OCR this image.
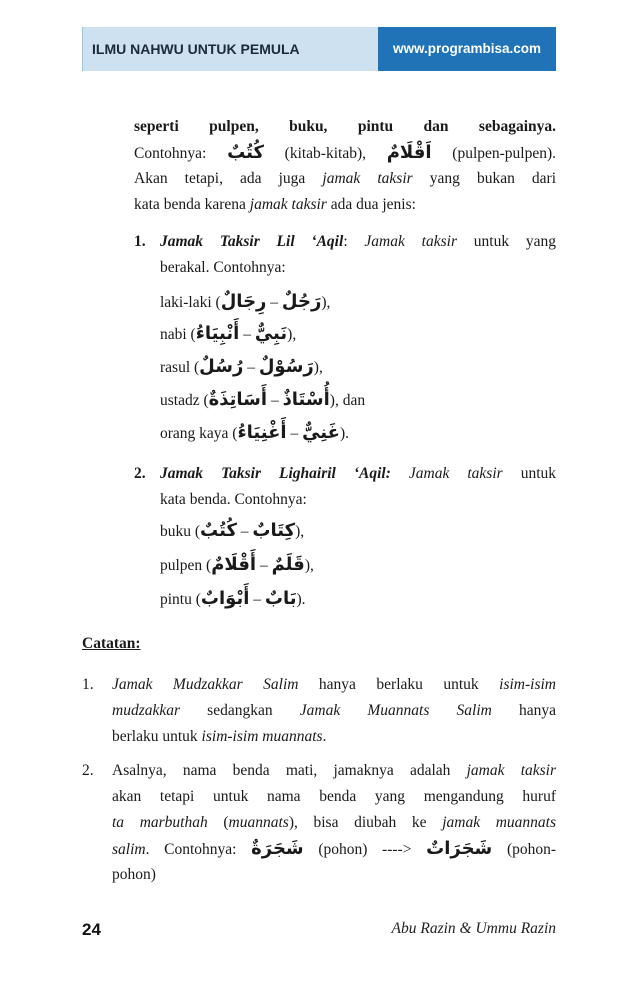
ILMU NAHWU UNTUK PEMULA	www.programbisa.com
seperti pulpen, buku, pintu dan sebagainya.
Contohnya: كُتُبٌ (kitab-kitab), اَقْلَامٌ (pulpen-pulpen).
Akan tetapi, ada juga jamak taksir yang bukan dari
kata benda karena jamak taksir ada dua jenis:
1. Jamak Taksir Lil ‘Aqil: Jamak taksir untuk yang
berakal. Contohnya:
laki-laki (رِجَالٌ – رَجُلٌ),
nabi (أَنْبِيَاءُ – نَبِيٌّ),
rasul (رُسُلٌ – رَسُوْلٌ),
ustadz (أَسَاتِذَةٌ – أُسْتَاذٌ), dan
orang kaya (أَغْنِيَاءُ – غَنِيٌّ).
2. Jamak Taksir Lighairil ‘Aqil: Jamak taksir untuk
kata benda. Contohnya:
buku (كُتُبٌ – كِتَابٌ),
pulpen (أَقْلَامٌ – قَلَمٌ),
pintu (أَبْوَابٌ – بَابٌ).
Catatan:
1. Jamak Mudzakkar Salim hanya berlaku untuk isim-isim
mudzakkar sedangkan Jamak Muannats Salim hanya
berlaku untuk isim-isim muannats.
2. Asalnya, nama benda mati, jamaknya adalah jamak taksir
akan tetapi untuk nama benda yang mengandung huruf
ta marbuthah (muannats), bisa diubah ke jamak muannats
salim. Contohnya: شَجَرَةٌ (pohon) ----> شَجَرَاتٌ (pohon-
pohon)
24	Abu Razin & Ummu Razin
